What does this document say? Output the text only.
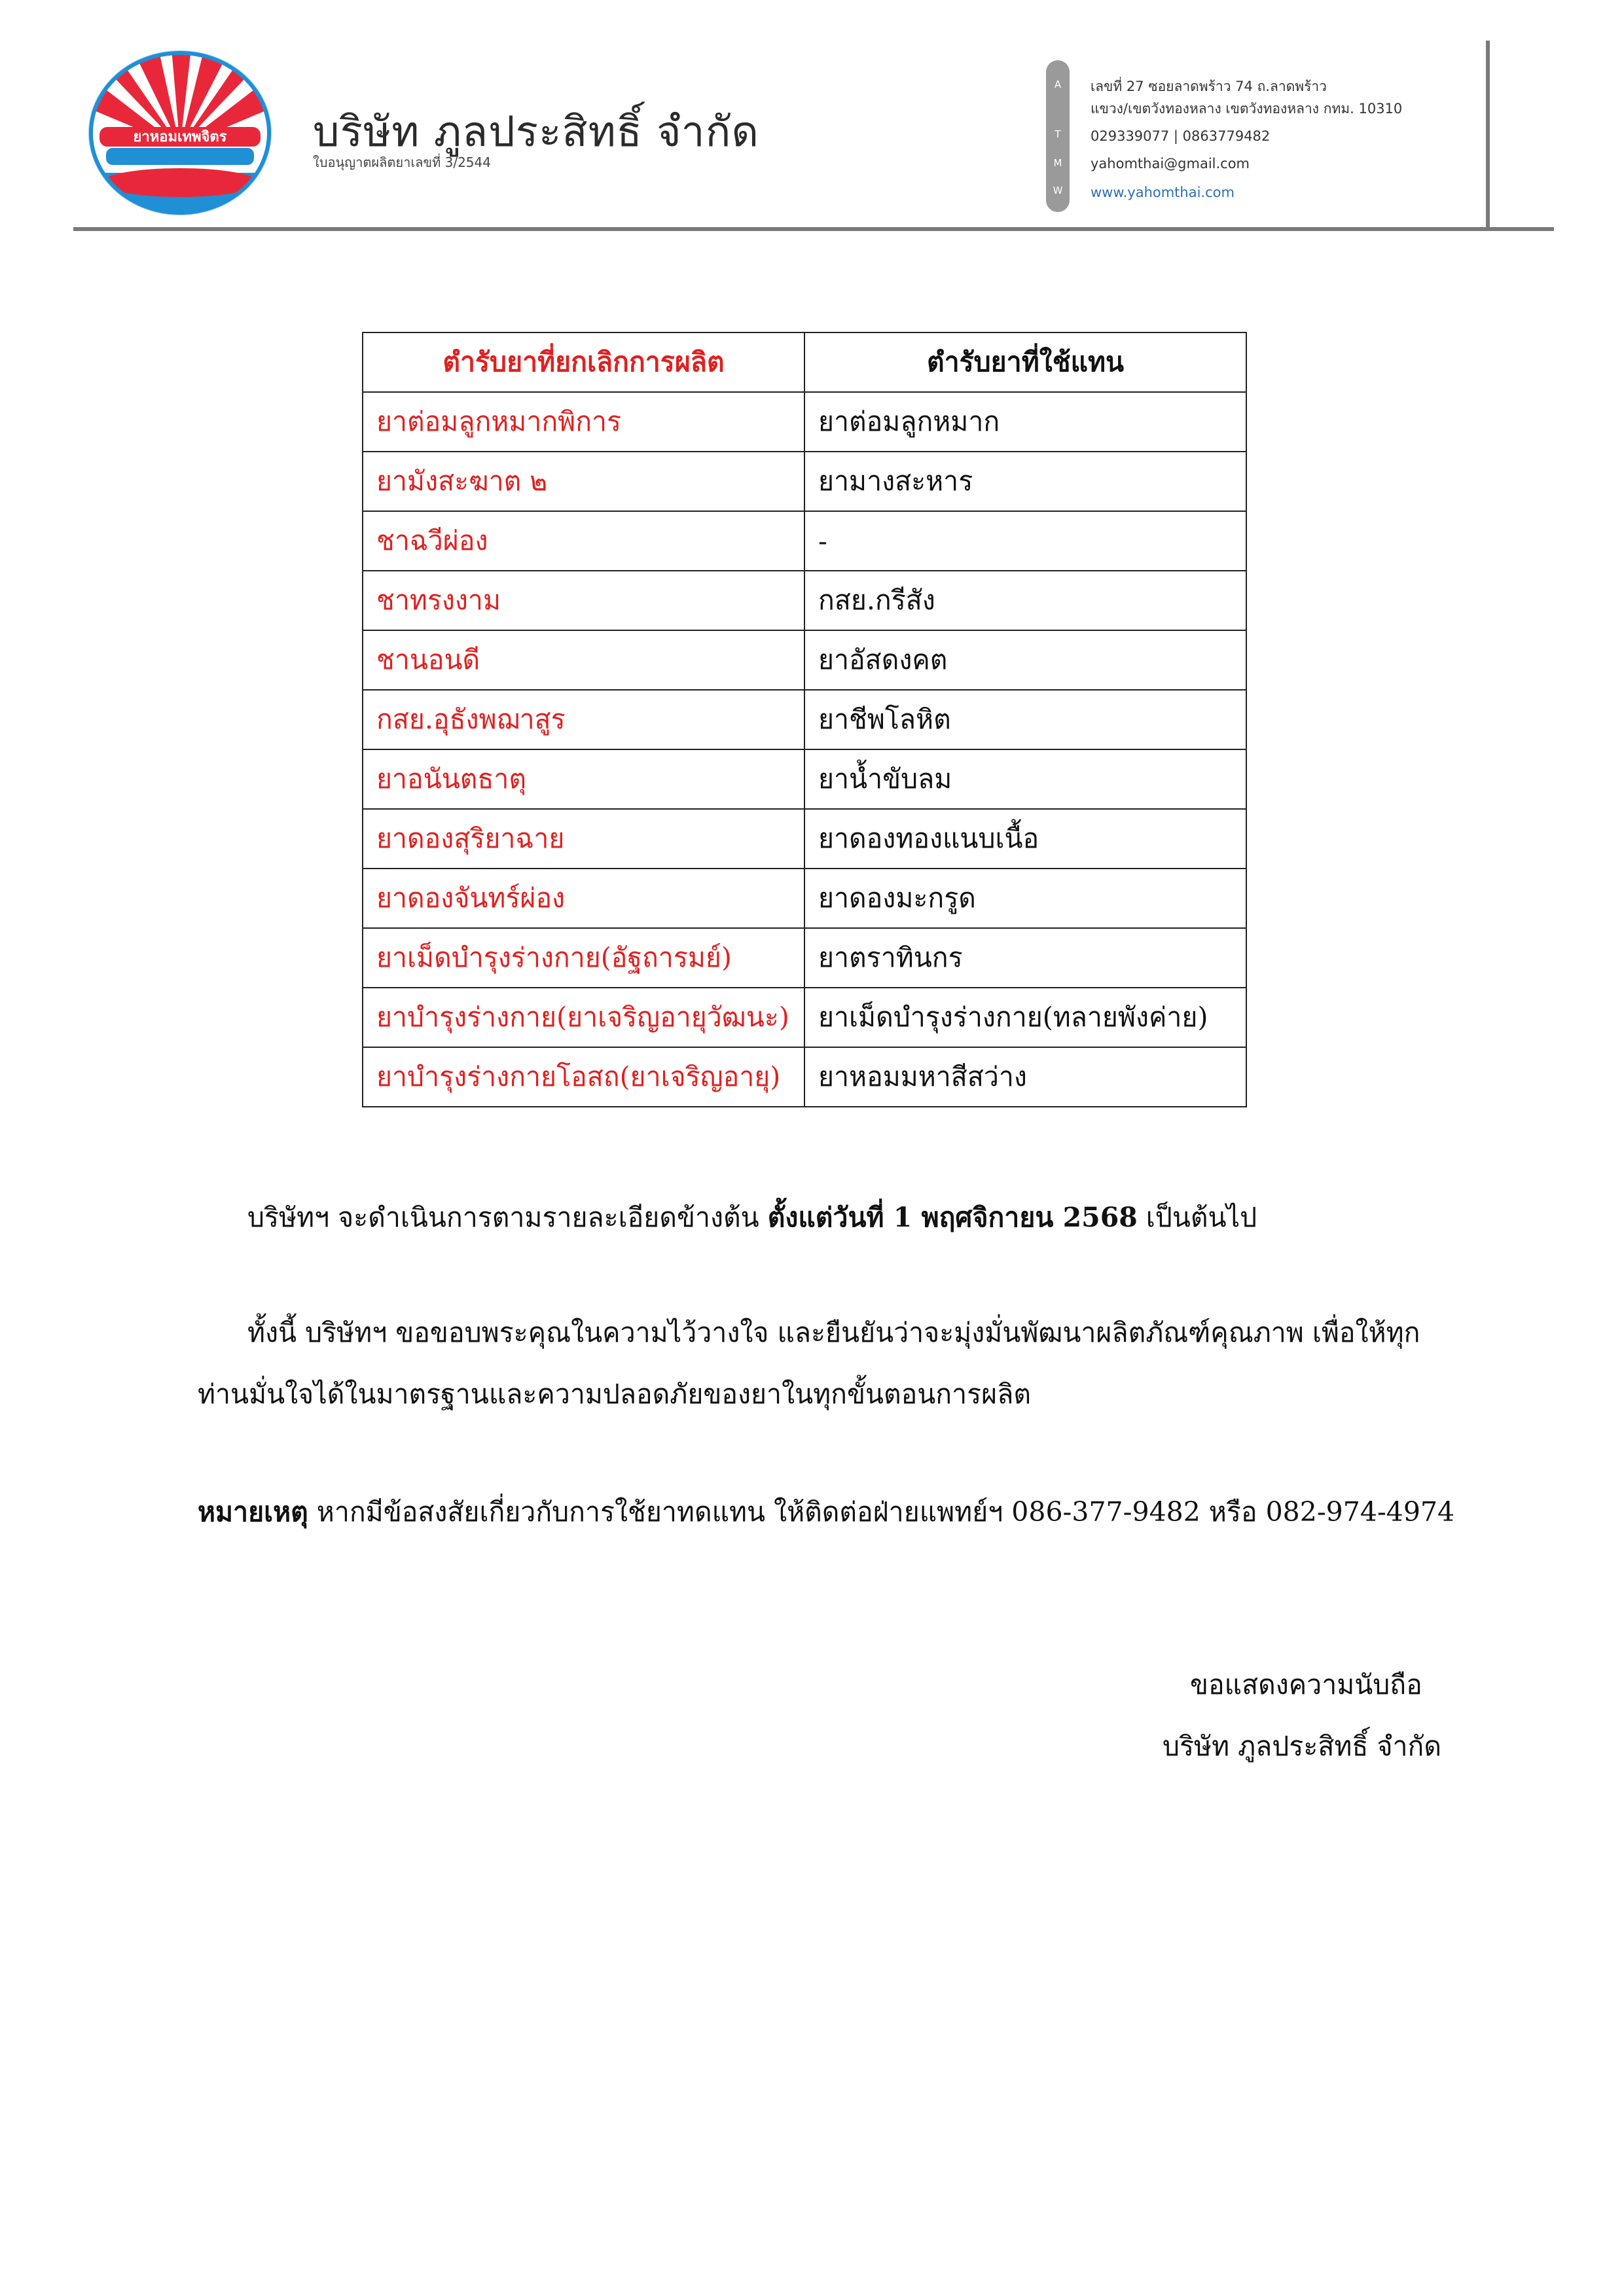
ยาหอมเทพจิตร บริษัท ภูลประสิทธิ์ จำกัด
ใบอนุญาตผลิตยาเลขที่ 3/2544
A
T
M
W
เลขที่ 27 ซอยลาดพร้าว 74 ถ.ลาดพร้าว
แขวง/เขตวังทองหลาง เขตวังทองหลาง กทม. 10310
029339077 | 0863779482
yahomthai@gmail.com
www.yahomthai.com
ตำรับยาที่ยกเลิกการผลิต	ตำรับยาที่ใช้แทน
ยาต่อมลูกหมากพิการ	ยาต่อมลูกหมาก
ยามังสะฆาต ๒	ยามางสะหาร
ชาฉวีผ่อง	-
ชาทรงงาม	กสย.กรีสัง
ชานอนดี	ยาอัสดงคต
กสย.อุธังพฌาสูร	ยาชีพโลหิต
ยาอนันตธาตุ	ยาน้ำขับลม
ยาดองสุริยาฉาย	ยาดองทองแนบเนื้อ
ยาดองจันทร์ผ่อง	ยาดองมะกรูด
ยาเม็ดบำรุงร่างกาย(อัฐถารมย์)	ยาตราทินกร
ยาบำรุงร่างกาย(ยาเจริญอายุวัฒนะ)	ยาเม็ดบำรุงร่างกาย(ทลายพังค่าย)
ยาบำรุงร่างกายโอสถ(ยาเจริญอายุ)	ยาหอมมหาสีสว่าง
บริษัทฯ จะดำเนินการตามรายละเอียดข้างต้น ตั้งแต่วันที่ 1 พฤศจิกายน 2568 เป็นต้นไป
ทั้งนี้ บริษัทฯ ขอขอบพระคุณในความไว้วางใจ และยืนยันว่าจะมุ่งมั่นพัฒนาผลิตภัณฑ์คุณภาพ เพื่อให้ทุก
ท่านมั่นใจได้ในมาตรฐานและความปลอดภัยของยาในทุกขั้นตอนการผลิต
หมายเหตุ หากมีข้อสงสัยเกี่ยวกับการใช้ยาทดแทน ให้ติดต่อฝ่ายแพทย์ฯ 086-377-9482 หรือ 082-974-4974
ขอแสดงความนับถือ
บริษัท ภูลประสิทธิ์ จำกัด
